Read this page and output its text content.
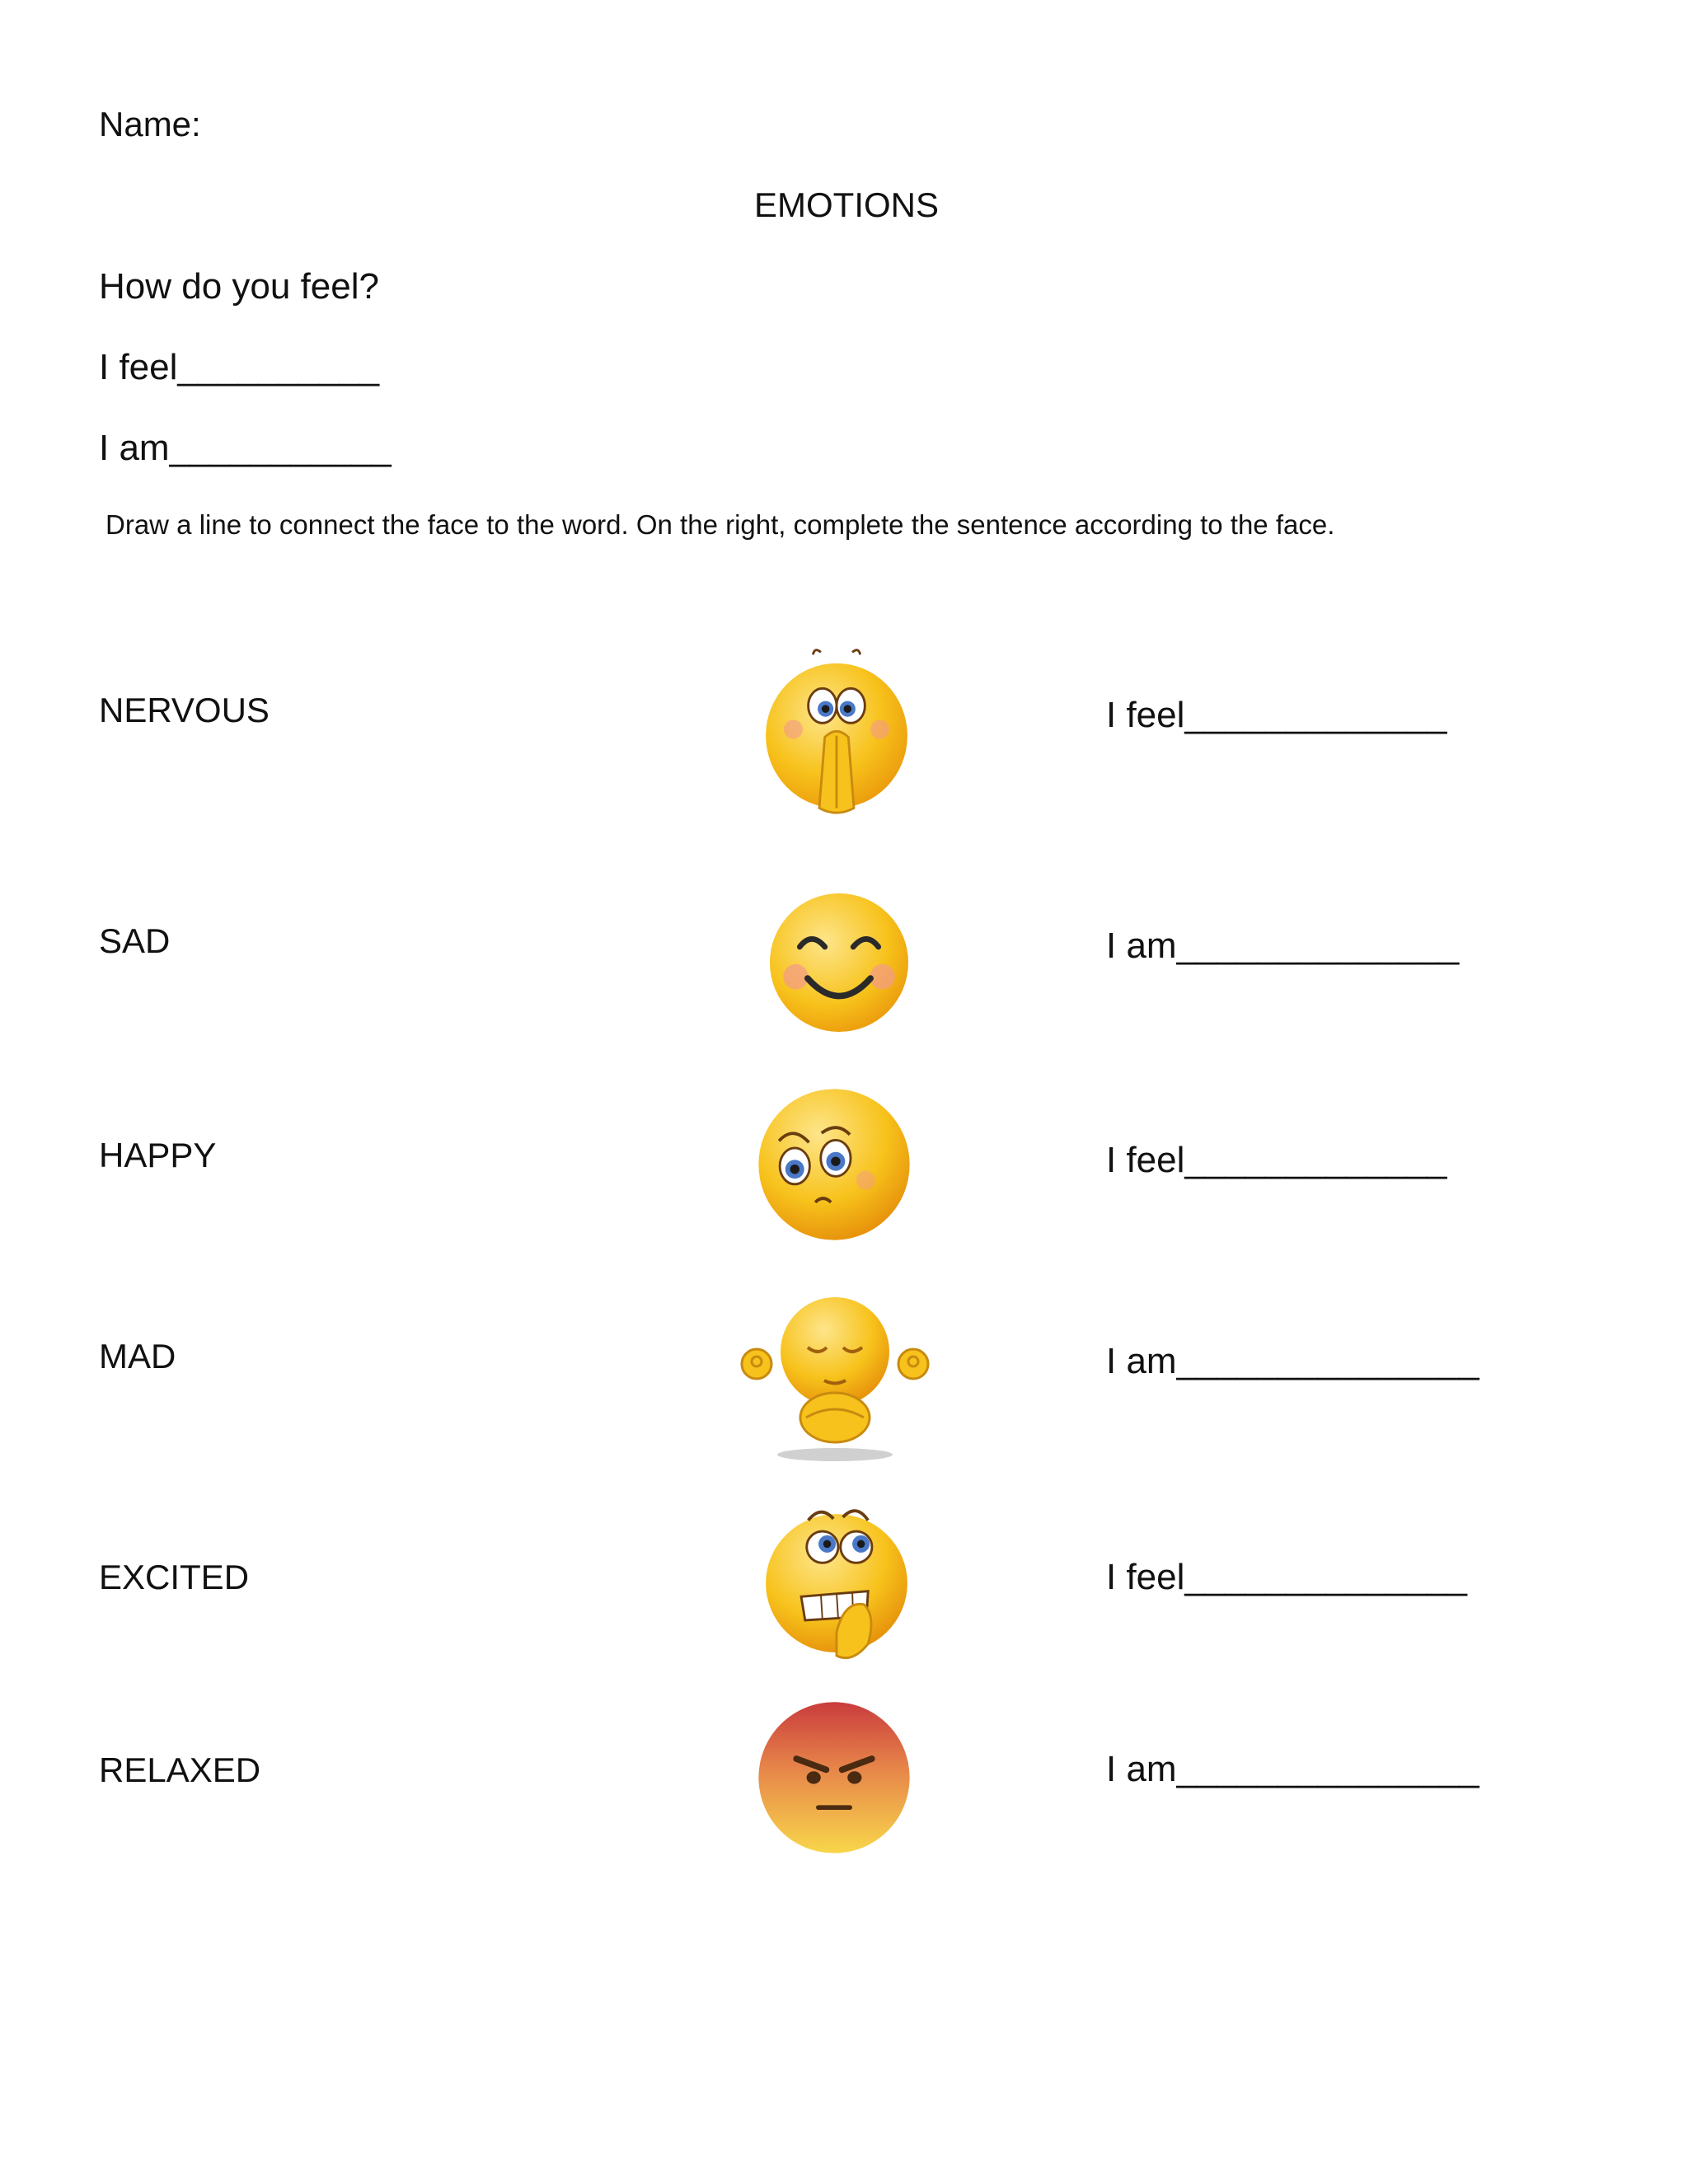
Name:
EMOTIONS
How do you feel?
I feel__________
I am___________
Draw a line to connect the face to the word. On the right, complete the sentence according to the face.
NERVOUS
SAD
HAPPY
MAD
EXCITED
RELAXED
I feel_____________
I am______________
I feel_____________
I am_______________
I feel______________
I am_______________
